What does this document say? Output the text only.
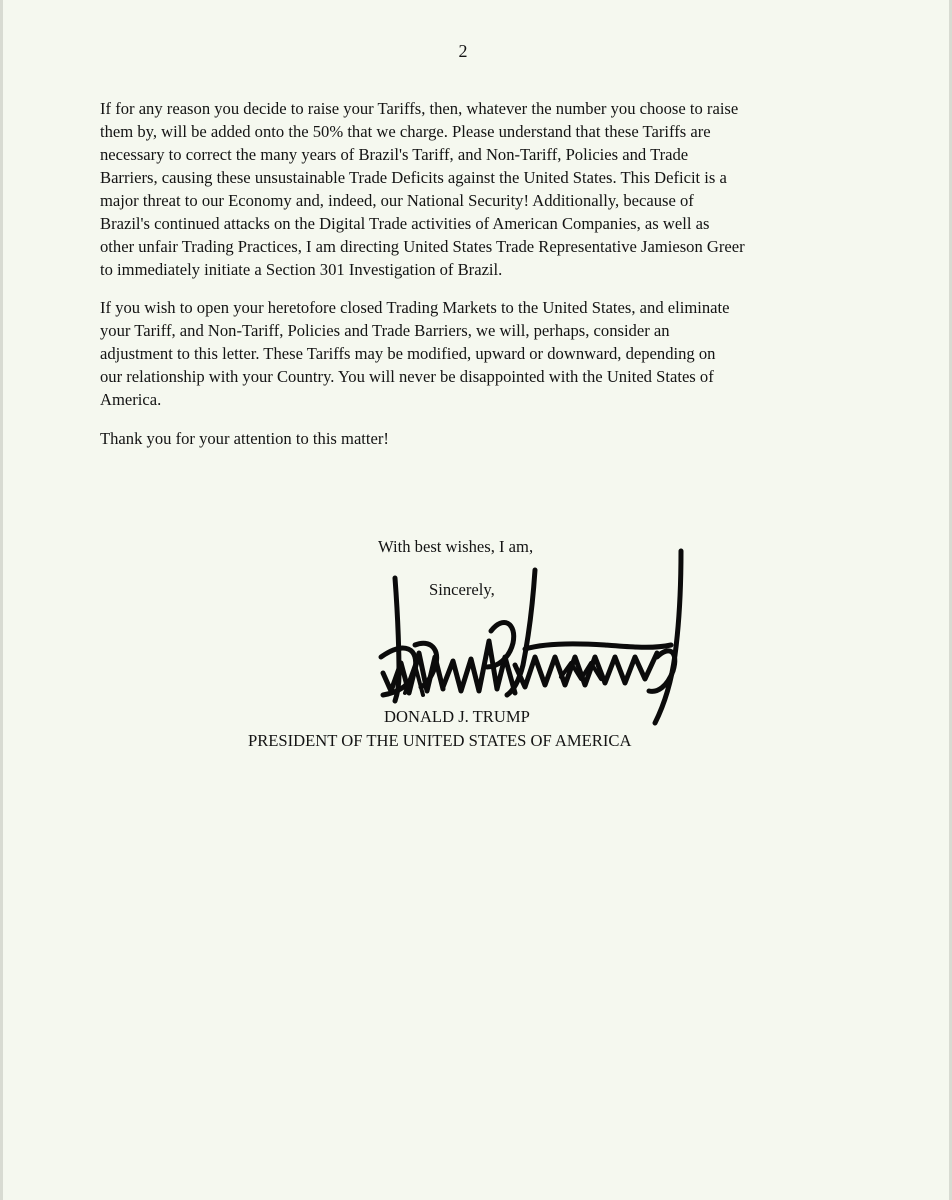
2

If for any reason you decide to raise your Tariffs, then, whatever the number you choose to raise
them by, will be added onto the 50% that we charge. Please understand that these Tariffs are
necessary to correct the many years of Brazil's Tariff, and Non-Tariff, Policies and Trade
Barriers, causing these unsustainable Trade Deficits against the United States. This Deficit is a
major threat to our Economy and, indeed, our National Security! Additionally, because of
Brazil's continued attacks on the Digital Trade activities of American Companies, as well as
other unfair Trading Practices, I am directing United States Trade Representative Jamieson Greer
to immediately initiate a Section 301 Investigation of Brazil.

If you wish to open your heretofore closed Trading Markets to the United States, and eliminate
your Tariff, and Non-Tariff, Policies and Trade Barriers, we will, perhaps, consider an
adjustment to this letter. These Tariffs may be modified, upward or downward, depending on
our relationship with your Country. You will never be disappointed with the United States of
America.

Thank you for your attention to this matter!

With best wishes, I am,

Sincerely,

DONALD J. TRUMP

PRESIDENT OF THE UNITED STATES OF AMERICA
